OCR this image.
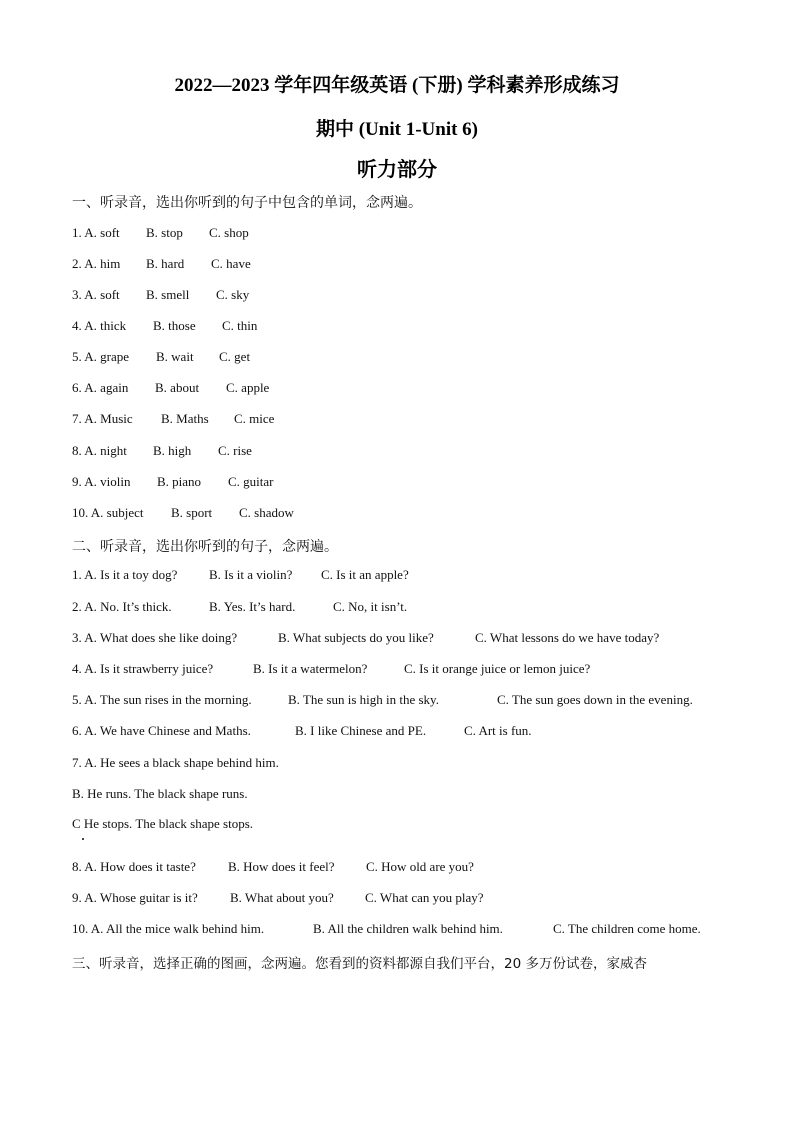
2022—2023 学年四年级英语 (下册) 学科素养形成练习
期中 (Unit 1-Unit 6)
听力部分
一、听录音，选出你听到的句子中包含的单词，念两遍。
1. A. soft B. stop C. shop
2. A. him B. hard C. have
3. A. soft B. smell C. sky
4. A. thick B. those C. thin
5. A. grape B. wait C. get
6. A. again B. about C. apple
7. A. Music B. Maths C. mice
8. A. night B. high C. rise
9. A. violin B. piano C. guitar
10. A. subject B. sport C. shadow
二、听录音，选出你听到的句子，念两遍。
1. A. Is it a toy dog? B. Is it a violin? C. Is it an apple?
2. A. No. It’s thick.	B. Yes. It’s hard.	C. No, it isn’t.
3. A. What does she like doing?	B. What subjects do you like?	C. What lessons do we have today?
4. A. Is it strawberry juice?	B. Is it a watermelon?	C. Is it orange juice or lemon juice?
5. A. The sun rises in the morning.	B. The sun is high in the sky.	C. The sun goes down in the evening.
6. A. We have Chinese and Maths.	B. I like Chinese and PE.	C. Art is fun.
7. A. He sees a black shape behind him.
B. He runs. The black shape runs.
C He stops. The black shape stops.
8. A. How does it taste? B. How does it feel? C. How old are you?
9. A. Whose guitar is it? B. What about you? C. What can you play?
10. A. All the mice walk behind him.	B. All the children walk behind him.	C. The children come home.
三、听录音，选择正确的图画，念两遍。您看到的资料都源自我们平台，20 多万份试卷，家威杏
